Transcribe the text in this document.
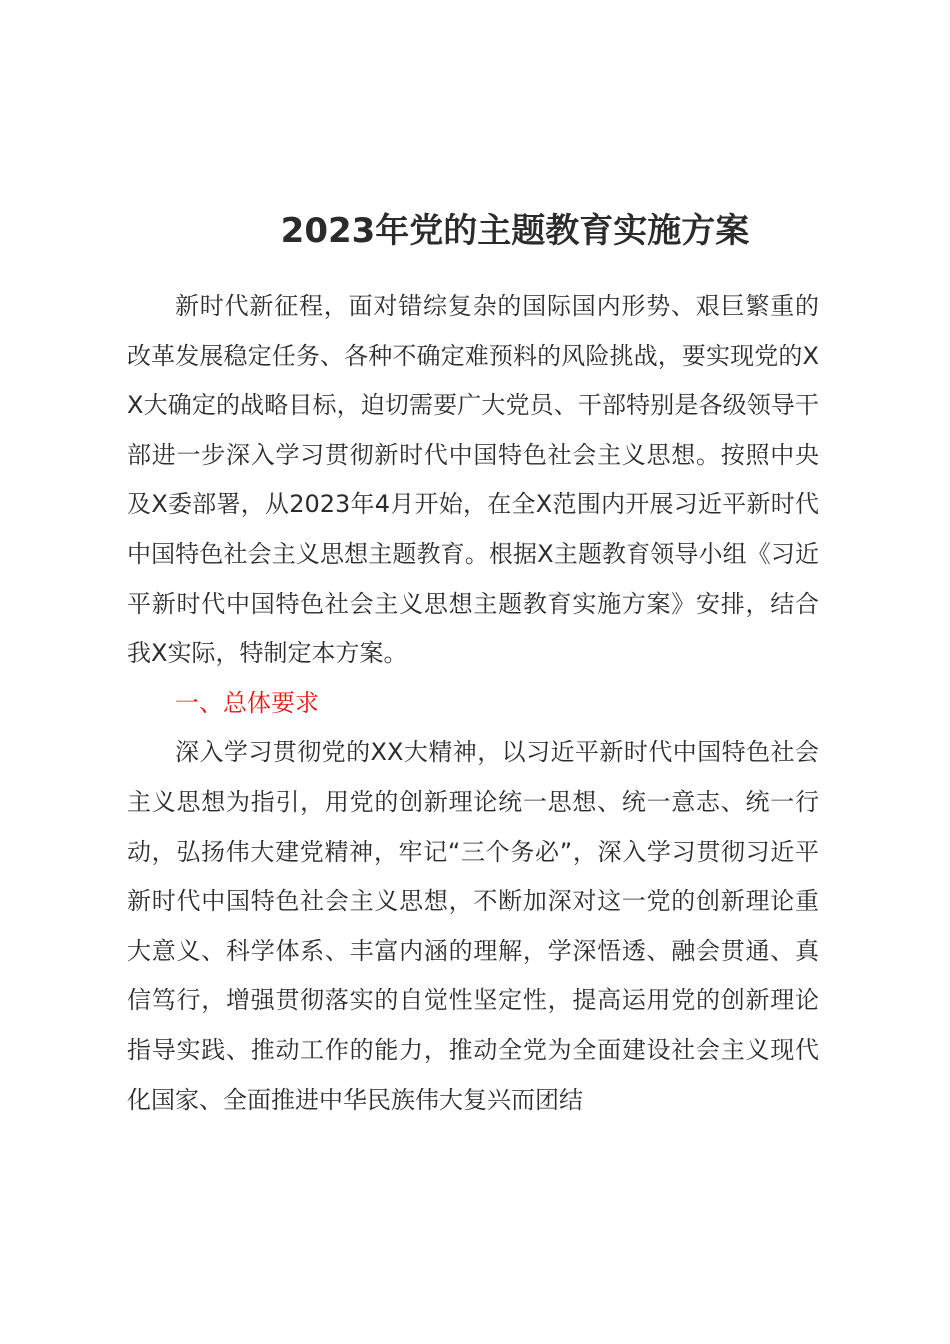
2023年党的主题教育实施方案

新时代新征程，面对错综复杂的国际国内形势、艰巨繁重的改革发展稳定任务、各种不确定难预料的风险挑战，要实现党的XX大确定的战略目标，迫切需要广大党员、干部特别是各级领导干部进一步深入学习贯彻新时代中国特色社会主义思想。按照中央及X委部署，从2023年4月开始，在全X范围内开展习近平新时代中国特色社会主义思想主题教育。根据X主题教育领导小组《习近平新时代中国特色社会主义思想主题教育实施方案》安排，结合我X实际，特制定本方案。

一、总体要求

深入学习贯彻党的XX大精神，以习近平新时代中国特色社会主义思想为指引，用党的创新理论统一思想、统一意志、统一行动，弘扬伟大建党精神，牢记“三个务必”，深入学习贯彻习近平新时代中国特色社会主义思想，不断加深对这一党的创新理论重大意义、科学体系、丰富内涵的理解，学深悟透、融会贯通、真信笃行，增强贯彻落实的自觉性坚定性，提高运用党的创新理论指导实践、推动工作的能力，推动全党为全面建设社会主义现代化国家、全面推进中华民族伟大复兴而团结
